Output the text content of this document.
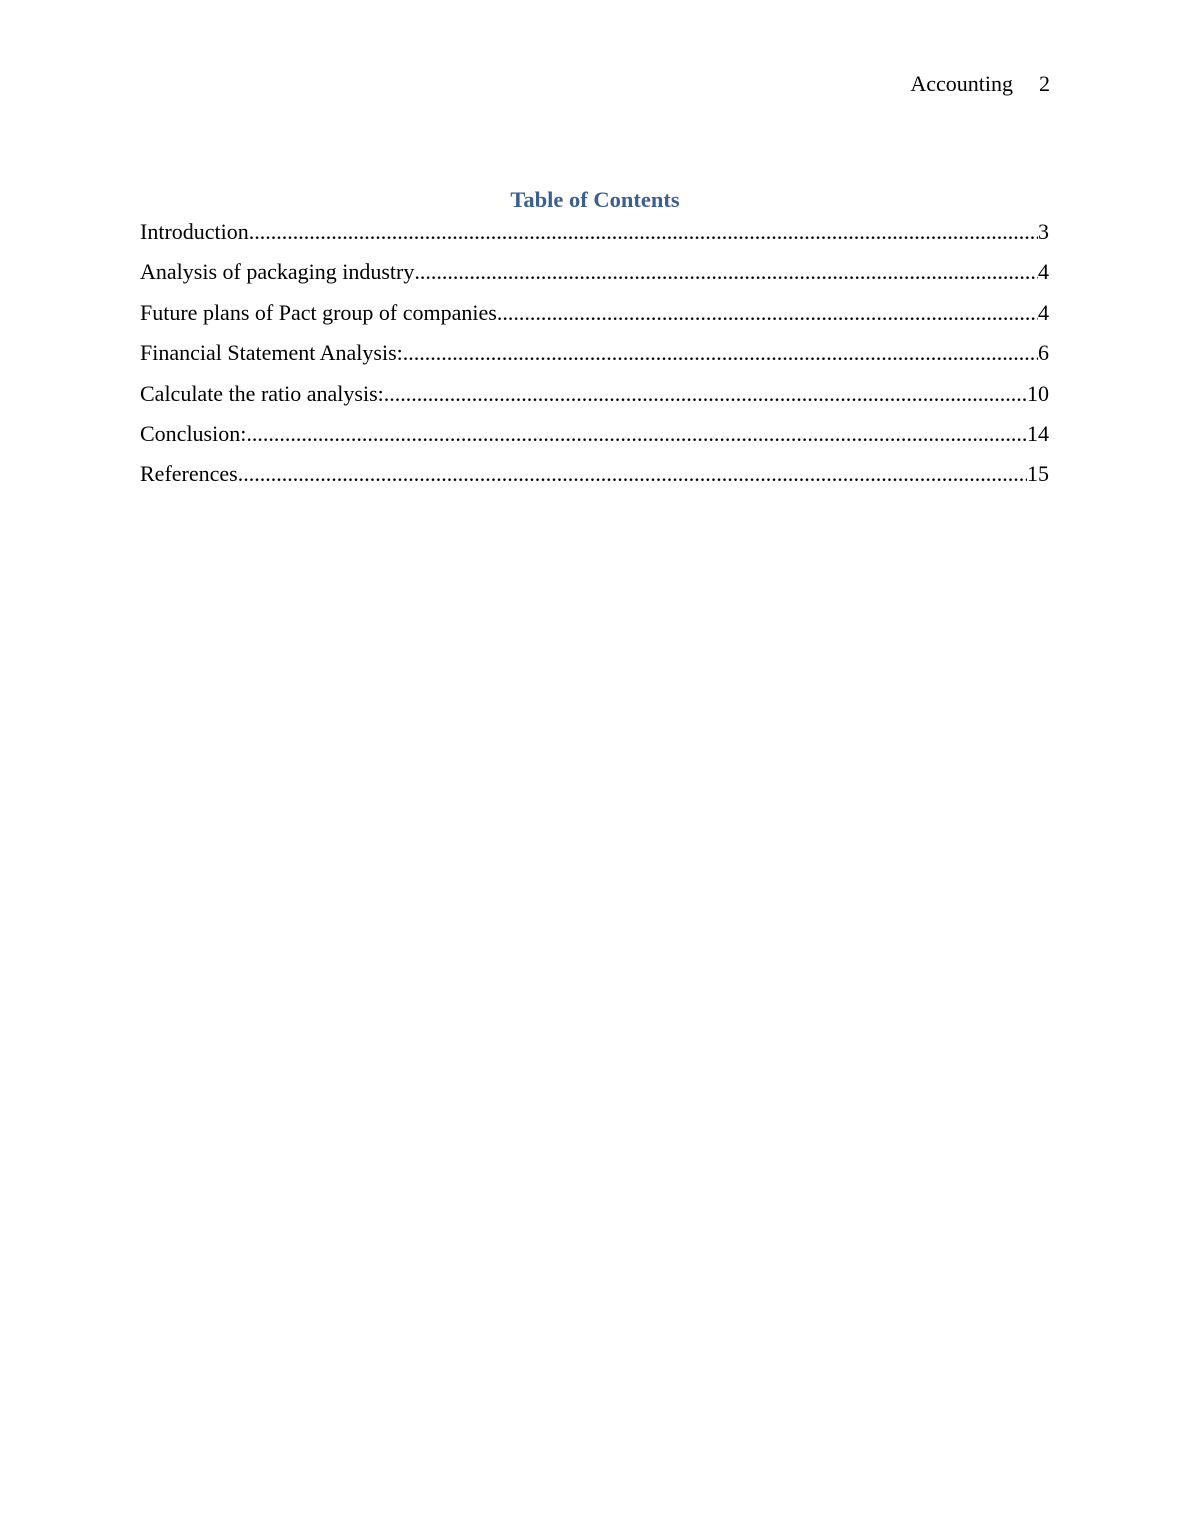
Accounting 2
Table of Contents
Introduction .....	3
Analysis of packaging industry .....	4
Future plans of Pact group of companies .....	4
Financial Statement Analysis: .....	6
Calculate the ratio analysis: .....	10
Conclusion: .....	14
References .....	15
